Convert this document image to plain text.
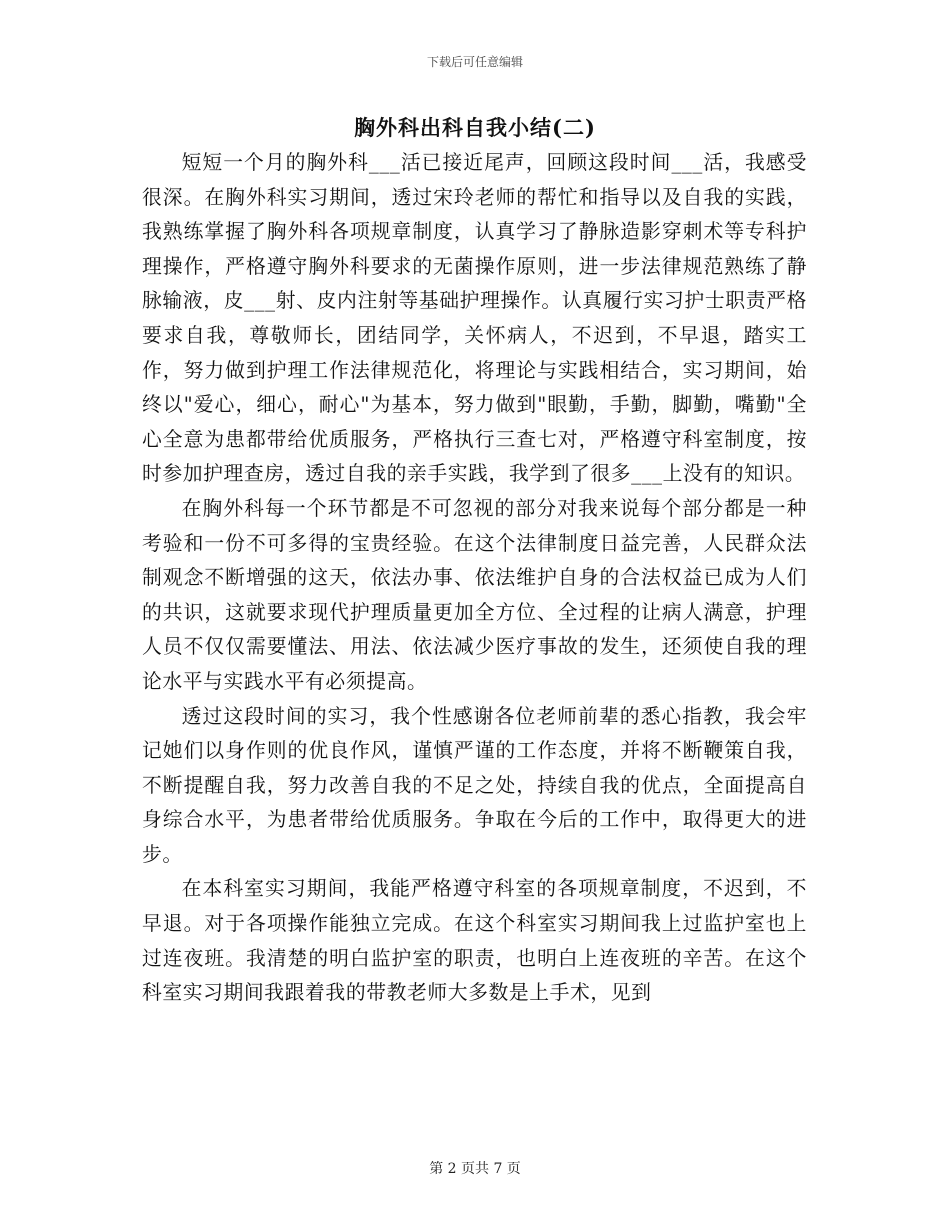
下载后可任意编辑
胸外科出科自我小结(二)

短短一个月的胸外科___活已接近尾声，回顾这段时间___活，我感受很深。在胸外科实习期间，透过宋玲老师的帮忙和指导以及自我的实践，我熟练掌握了胸外科各项规章制度，认真学习了静脉造影穿刺术等专科护理操作，严格遵守胸外科要求的无菌操作原则，进一步法律规范熟练了静脉输液，皮___射、皮内注射等基础护理操作。认真履行实习护士职责严格要求自我，尊敬师长，团结同学，关怀病人，不迟到，不早退，踏实工作，努力做到护理工作法律规范化，将理论与实践相结合，实习期间，始终以"爱心，细心，耐心"为基本，努力做到"眼勤，手勤，脚勤，嘴勤"全心全意为患都带给优质服务，严格执行三查七对，严格遵守科室制度，按时参加护理查房，透过自我的亲手实践，我学到了很多___上没有的知识。

在胸外科每一个环节都是不可忽视的部分对我来说每个部分都是一种考验和一份不可多得的宝贵经验。在这个法律制度日益完善，人民群众法制观念不断增强的这天，依法办事、依法维护自身的合法权益已成为人们的共识，这就要求现代护理质量更加全方位、全过程的让病人满意，护理人员不仅仅需要懂法、用法、依法减少医疗事故的发生，还须使自我的理论水平与实践水平有必须提高。

透过这段时间的实习，我个性感谢各位老师前辈的悉心指教，我会牢记她们以身作则的优良作风，谨慎严谨的工作态度，并将不断鞭策自我，不断提醒自我，努力改善自我的不足之处，持续自我的优点，全面提高自身综合水平，为患者带给优质服务。争取在今后的工作中，取得更大的进步。

在本科室实习期间，我能严格遵守科室的各项规章制度，不迟到，不早退。对于各项操作能独立完成。在这个科室实习期间我上过监护室也上过连夜班。我清楚的明白监护室的职责，也明白上连夜班的辛苦。在这个科室实习期间我跟着我的带教老师大多数是上手术，见到

第 2 页共 7 页
